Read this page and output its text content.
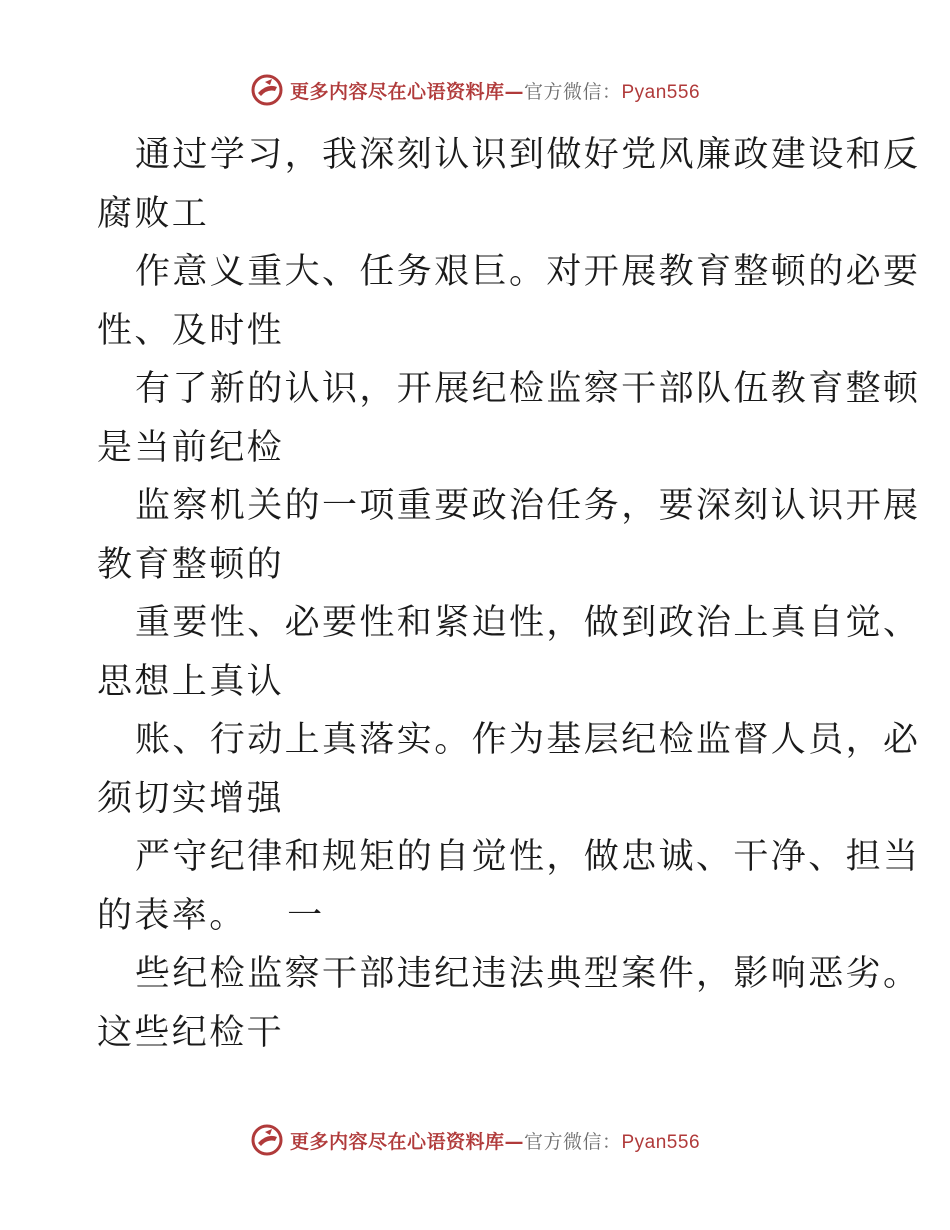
更多内容尽在心语资料库—官方微信：Pyan556
通过学习，我深刻认识到做好党风廉政建设和反
腐败工
作意义重大、任务艰巨。对开展教育整顿的必要
性、及时性
有了新的认识，开展纪检监察干部队伍教育整顿
是当前纪检
监察机关的一项重要政治任务，要深刻认识开展
教育整顿的
重要性、必要性和紧迫性，做到政治上真自觉、
思想上真认
账、行动上真落实。作为基层纪检监督人员，必
须切实增强
严守纪律和规矩的自觉性，做忠诚、干净、担当
的表率。   一
些纪检监察干部违纪违法典型案件，影响恶劣。
这些纪检干
更多内容尽在心语资料库—官方微信：Pyan556
